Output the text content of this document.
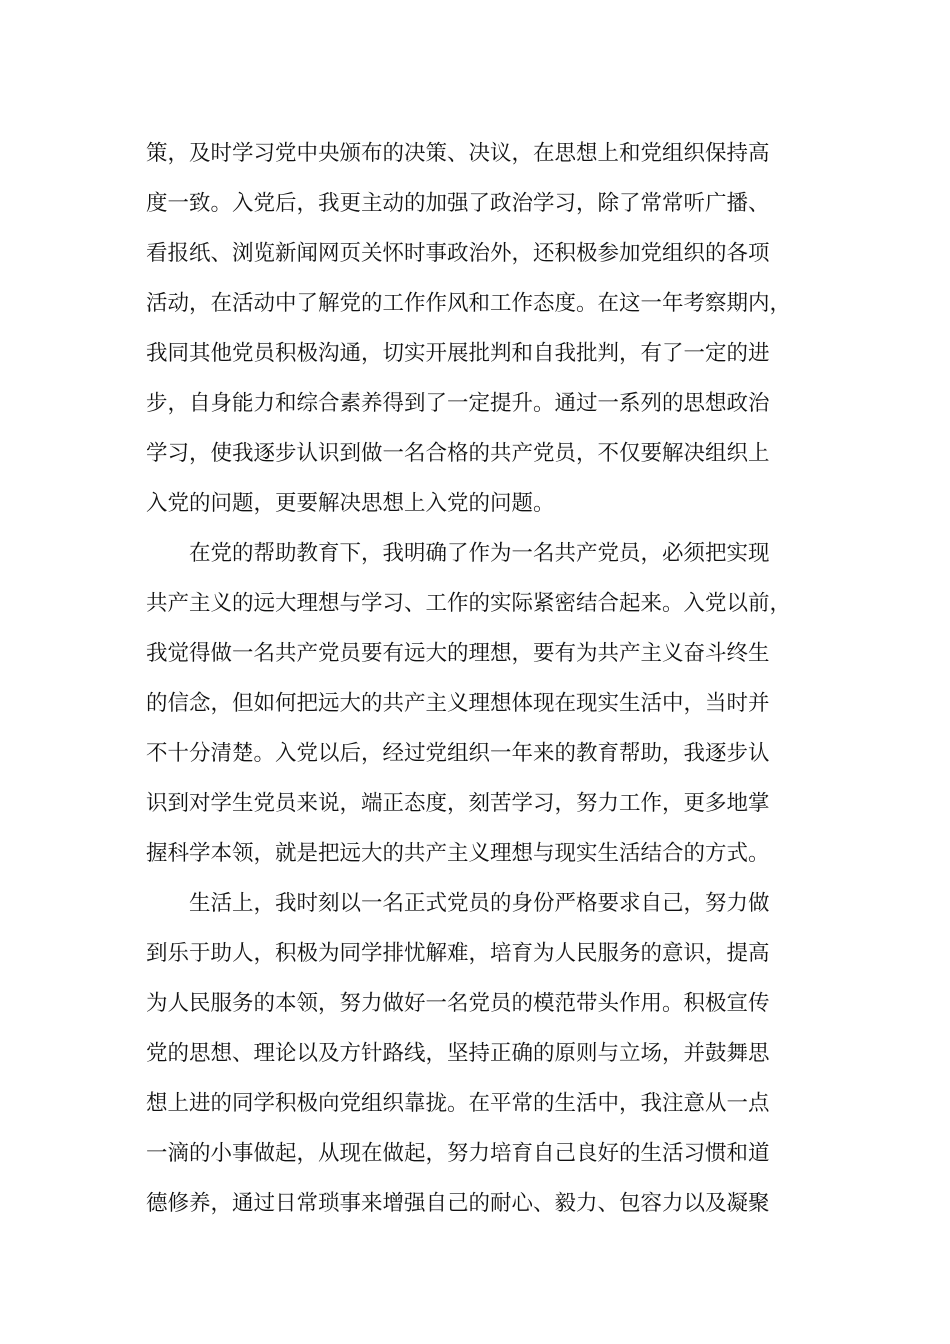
策，及时学习党中央颁布的决策、决议，在思想上和党组织保持高
度一致。入党后，我更主动的加强了政治学习，除了常常听广播、
看报纸、浏览新闻网页关怀时事政治外，还积极参加党组织的各项
活动，在活动中了解党的工作作风和工作态度。在这一年考察期内，
我同其他党员积极沟通，切实开展批判和自我批判，有了一定的进
步，自身能力和综合素养得到了一定提升。通过一系列的思想政治
学习，使我逐步认识到做一名合格的共产党员，不仅要解决组织上
入党的问题，更要解决思想上入党的问题。
在党的帮助教育下，我明确了作为一名共产党员，必须把实现
共产主义的远大理想与学习、工作的实际紧密结合起来。入党以前，
我觉得做一名共产党员要有远大的理想，要有为共产主义奋斗终生
的信念，但如何把远大的共产主义理想体现在现实生活中，当时并
不十分清楚。入党以后，经过党组织一年来的教育帮助，我逐步认
识到对学生党员来说，端正态度，刻苦学习，努力工作，更多地掌
握科学本领，就是把远大的共产主义理想与现实生活结合的方式。
生活上，我时刻以一名正式党员的身份严格要求自己，努力做
到乐于助人，积极为同学排忧解难，培育为人民服务的意识，提高
为人民服务的本领，努力做好一名党员的模范带头作用。积极宣传
党的思想、理论以及方针路线，坚持正确的原则与立场，并鼓舞思
想上进的同学积极向党组织靠拢。在平常的生活中，我注意从一点
一滴的小事做起，从现在做起，努力培育自己良好的生活习惯和道
德修养，通过日常琐事来增强自己的耐心、毅力、包容力以及凝聚
